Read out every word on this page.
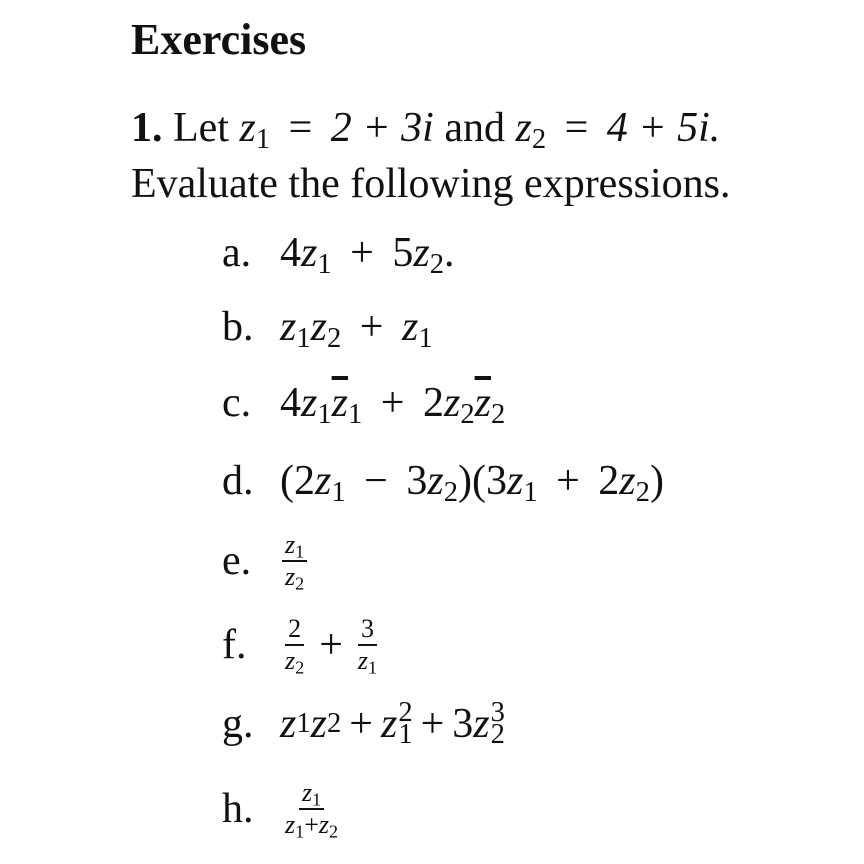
Exercises
1. Let $z_1 = 2 + 3i$ and $z_2 = 4 + 5i$.
Evaluate the following expressions.
a. $4z_1 + 5z_2$.
b. $z_1z_2 + z_1$
c. $4z_1\overline{z}_1 + 2z_2\overline{z}_2$
d. $(2z_1 - 3z_2)(3z_1 + 2z_2)$
e.	$\frac{z_1}{z_2}$
f.	$\frac{2}{z_2} + \frac{3}{z_1}$
g. z 1 z 2 + z 2
1 + 3 z 3
2
h.	$\frac{z_1}{z_1+z_2}$
